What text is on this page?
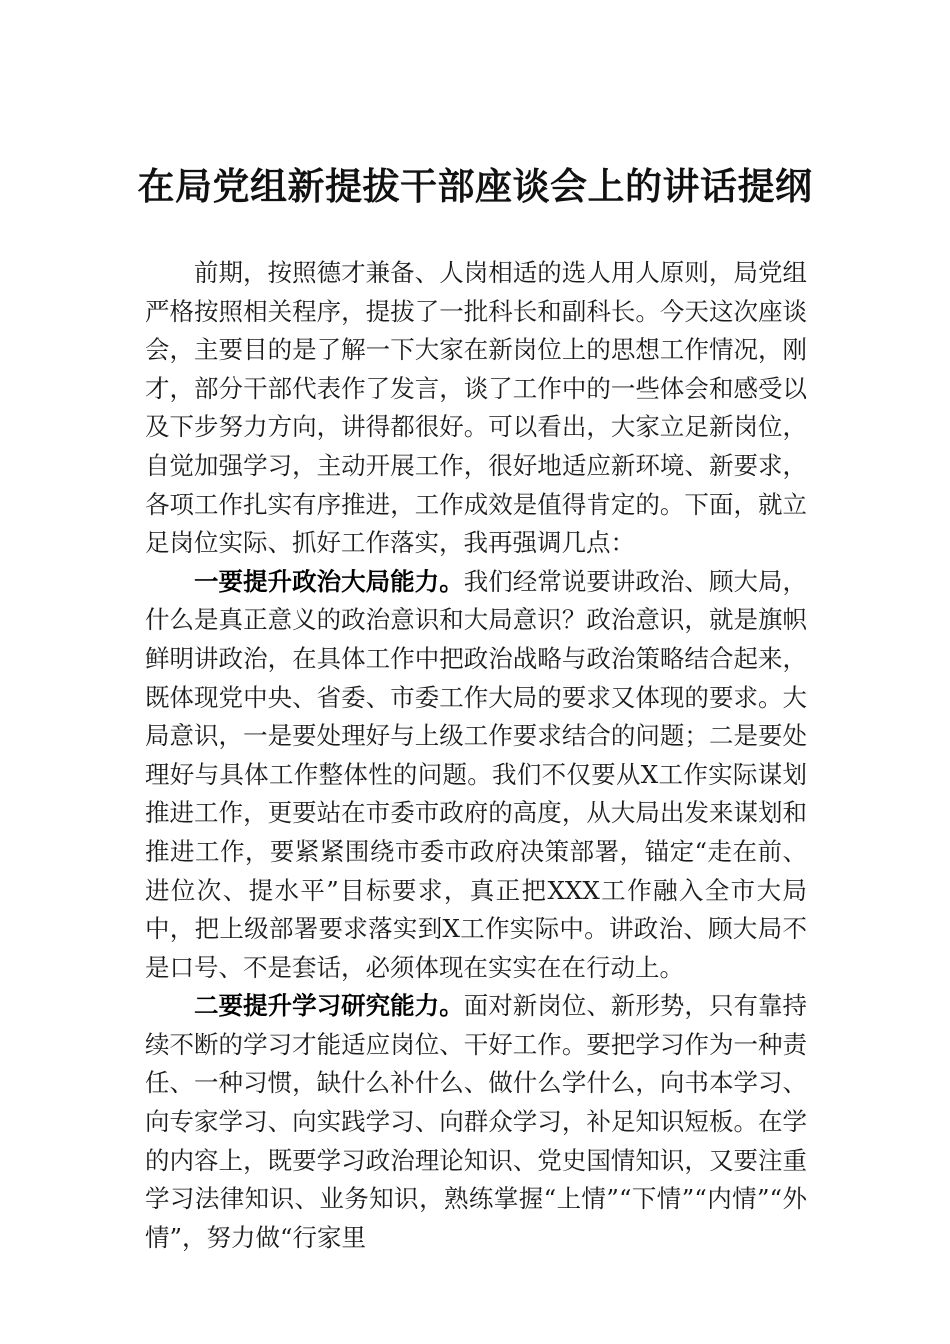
在局党组新提拔干部座谈会上的讲话提纲

前期，按照德才兼备、人岗相适的选人用人原则，局党组严格按照相关程序，提拔了一批科长和副科长。今天这次座谈会，主要目的是了解一下大家在新岗位上的思想工作情况，刚才，部分干部代表作了发言，谈了工作中的一些体会和感受以及下步努力方向，讲得都很好。可以看出，大家立足新岗位，自觉加强学习，主动开展工作，很好地适应新环境、新要求，各项工作扎实有序推进，工作成效是值得肯定的。下面，就立足岗位实际、抓好工作落实，我再强调几点：

一要提升政治大局能力。我们经常说要讲政治、顾大局，什么是真正意义的政治意识和大局意识？政治意识，就是旗帜鲜明讲政治，在具体工作中把政治战略与政治策略结合起来，既体现党中央、省委、市委工作大局的要求又体现的要求。大局意识，一是要处理好与上级工作要求结合的问题；二是要处理好与具体工作整体性的问题。我们不仅要从X工作实际谋划推进工作，更要站在市委市政府的高度，从大局出发来谋划和推进工作，要紧紧围绕市委市政府决策部署，锚定“走在前、进位次、提水平”目标要求，真正把XXX工作融入全市大局中，把上级部署要求落实到X工作实际中。讲政治、顾大局不是口号、不是套话，必须体现在实实在在行动上。

二要提升学习研究能力。面对新岗位、新形势，只有靠持续不断的学习才能适应岗位、干好工作。要把学习作为一种责任、一种习惯，缺什么补什么、做什么学什么，向书本学习、向专家学习、向实践学习、向群众学习，补足知识短板。在学的内容上，既要学习政治理论知识、党史国情知识，又要注重学习法律知识、业务知识，熟练掌握“上情”“下情”“内情”“外情”，努力做“行家里
